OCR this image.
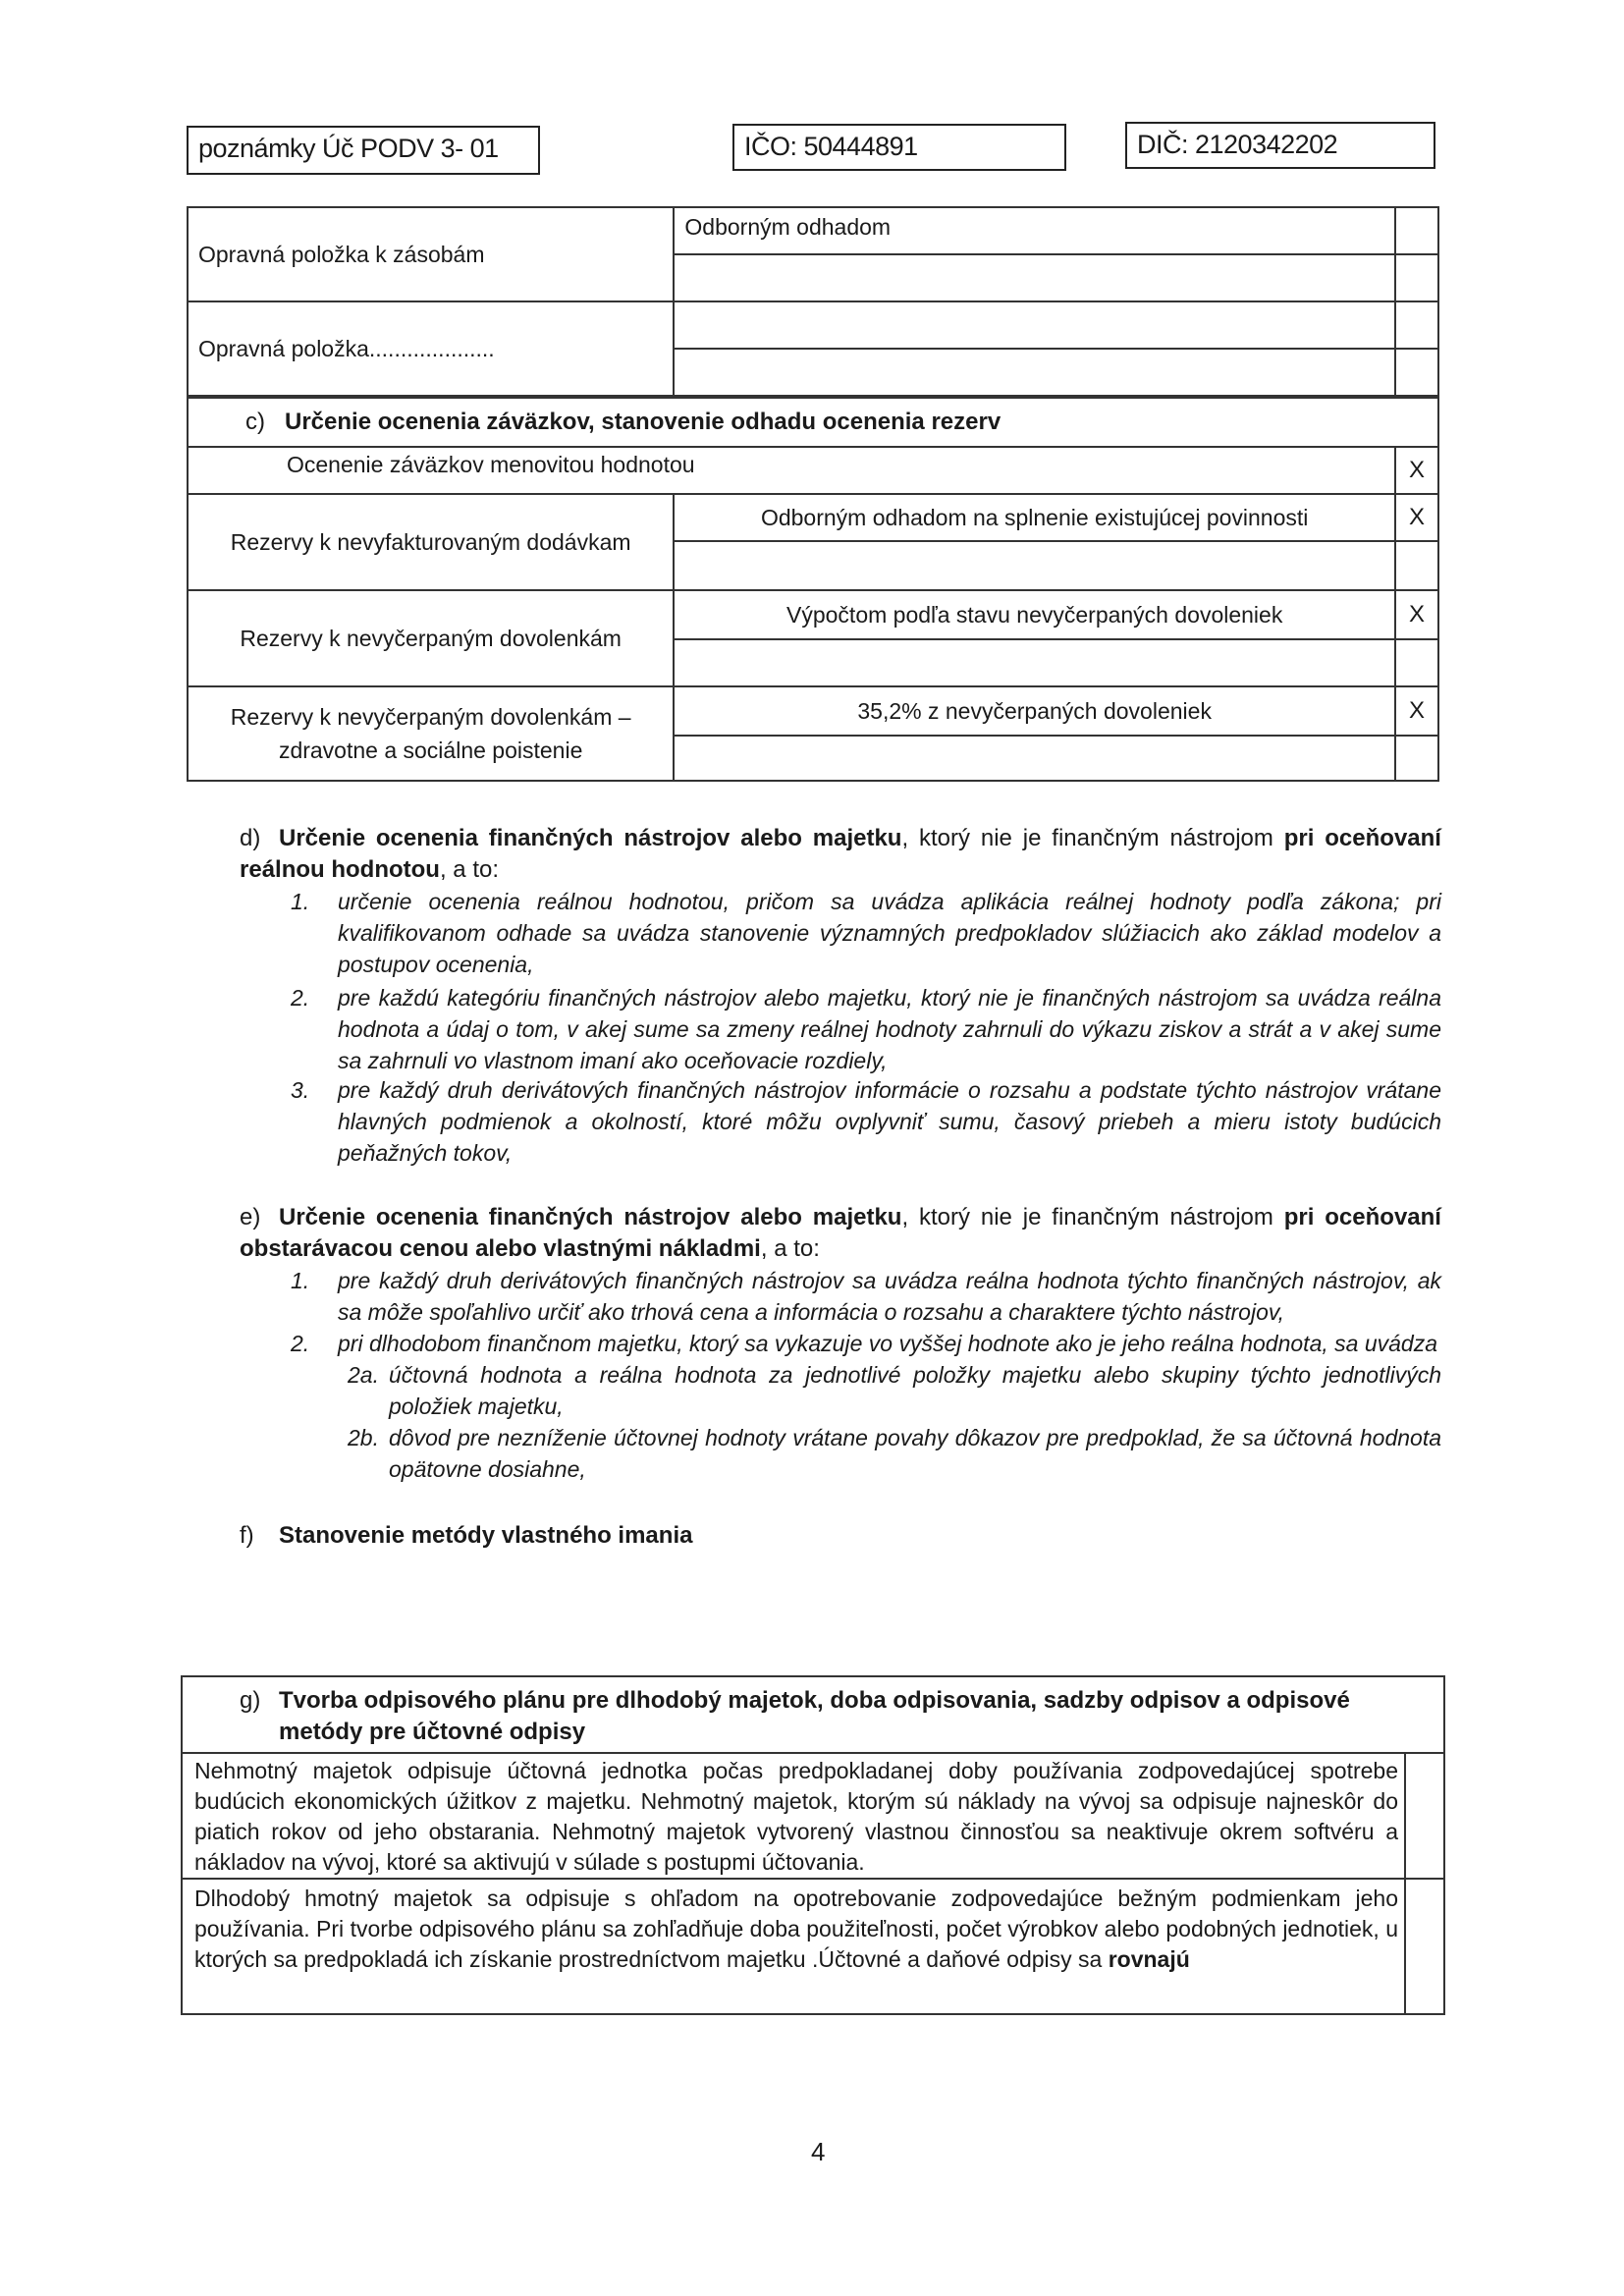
poznámky Úč PODV 3- 01	IČO: 50444891	DIČ: 2120342202
Opravná položka k zásobám	Odborným odhadom	

Opravná položka....................		

c) Určenie ocenenia záväzkov, stanovenie odhadu ocenenia rezerv		
Ocenenie záväzkov menovitou hodnotou		X
Rezervy k nevyfakturovaným dodávkam	Odborným odhadom na splnenie existujúcej povinnosti	X

Rezervy k nevyčerpaným dovolenkám	Výpočtom podľa stavu nevyčerpaných dovoleniek	X

Rezervy k nevyčerpaným dovolenkám – zdravotne a sociálne poistenie	35,2% z nevyčerpaných dovoleniek	X

d) Určenie ocenenia finančných nástrojov alebo majetku, ktorý nie je finančným nástrojom pri oceňovaní reálnou hodnotou, a to:
1. určenie ocenenia reálnou hodnotou, pričom sa uvádza aplikácia reálnej hodnoty podľa zákona; pri kvalifikovanom odhade sa uvádza stanovenie významných predpokladov slúžiacich ako základ modelov a postupov ocenenia,
2. pre každú kategóriu finančných nástrojov alebo majetku, ktorý nie je finančných nástrojom sa uvádza reálna hodnota a údaj o tom, v akej sume sa zmeny reálnej hodnoty zahrnuli do výkazu ziskov a strát a v akej sume sa zahrnuli vo vlastnom imaní ako oceňovacie rozdiely,
3. pre každý druh derivátových finančných nástrojov informácie o rozsahu a podstate týchto nástrojov vrátane hlavných podmienok a okolností, ktoré môžu ovplyvniť sumu, časový priebeh a mieru istoty budúcich peňažných tokov,
e) Určenie ocenenia finančných nástrojov alebo majetku, ktorý nie je finančným nástrojom pri oceňovaní obstarávacou cenou alebo vlastnými nákladmi, a to:
1. pre každý druh derivátových finančných nástrojov sa uvádza reálna hodnota týchto finančných nástrojov, ak sa môže spoľahlivo určiť ako trhová cena a informácia o rozsahu a charaktere týchto nástrojov,
2. pri dlhodobom finančnom majetku, ktorý sa vykazuje vo vyššej hodnote ako je jeho reálna hodnota, sa uvádza
2a. účtovná hodnota a reálna hodnota za jednotlivé položky majetku alebo skupiny týchto jednotlivých položiek majetku,
2b. dôvod pre nezníženie účtovnej hodnoty vrátane povahy dôkazov pre predpoklad, že sa účtovná hodnota opätovne dosiahne,
f) Stanovenie metódy vlastného imania
g) Tvorba odpisového plánu pre dlhodobý majetok, doba odpisovania, sadzby odpisov a odpisové metódy pre účtovné odpisy
Nehmotný majetok odpisuje účtovná jednotka počas predpokladanej doby používania zodpovedajúcej spotrebe budúcich ekonomických úžitkov z majetku. Nehmotný majetok, ktorým sú náklady na vývoj sa odpisuje najneskôr do piatich rokov od jeho obstarania. Nehmotný majetok vytvorený vlastnou činnosťou sa neaktivuje okrem softvéru a nákladov na vývoj, ktoré sa aktivujú v súlade s postupmi účtovania.
Dlhodobý hmotný majetok sa odpisuje s ohľadom na opotrebovanie zodpovedajúce bežným podmienkam jeho používania. Pri tvorbe odpisového plánu sa zohľadňuje doba použiteľnosti, počet výrobkov alebo podobných jednotiek, u ktorých sa predpokladá ich získanie prostredníctvom majetku .Účtovné a daňové odpisy sa rovnajú
4
